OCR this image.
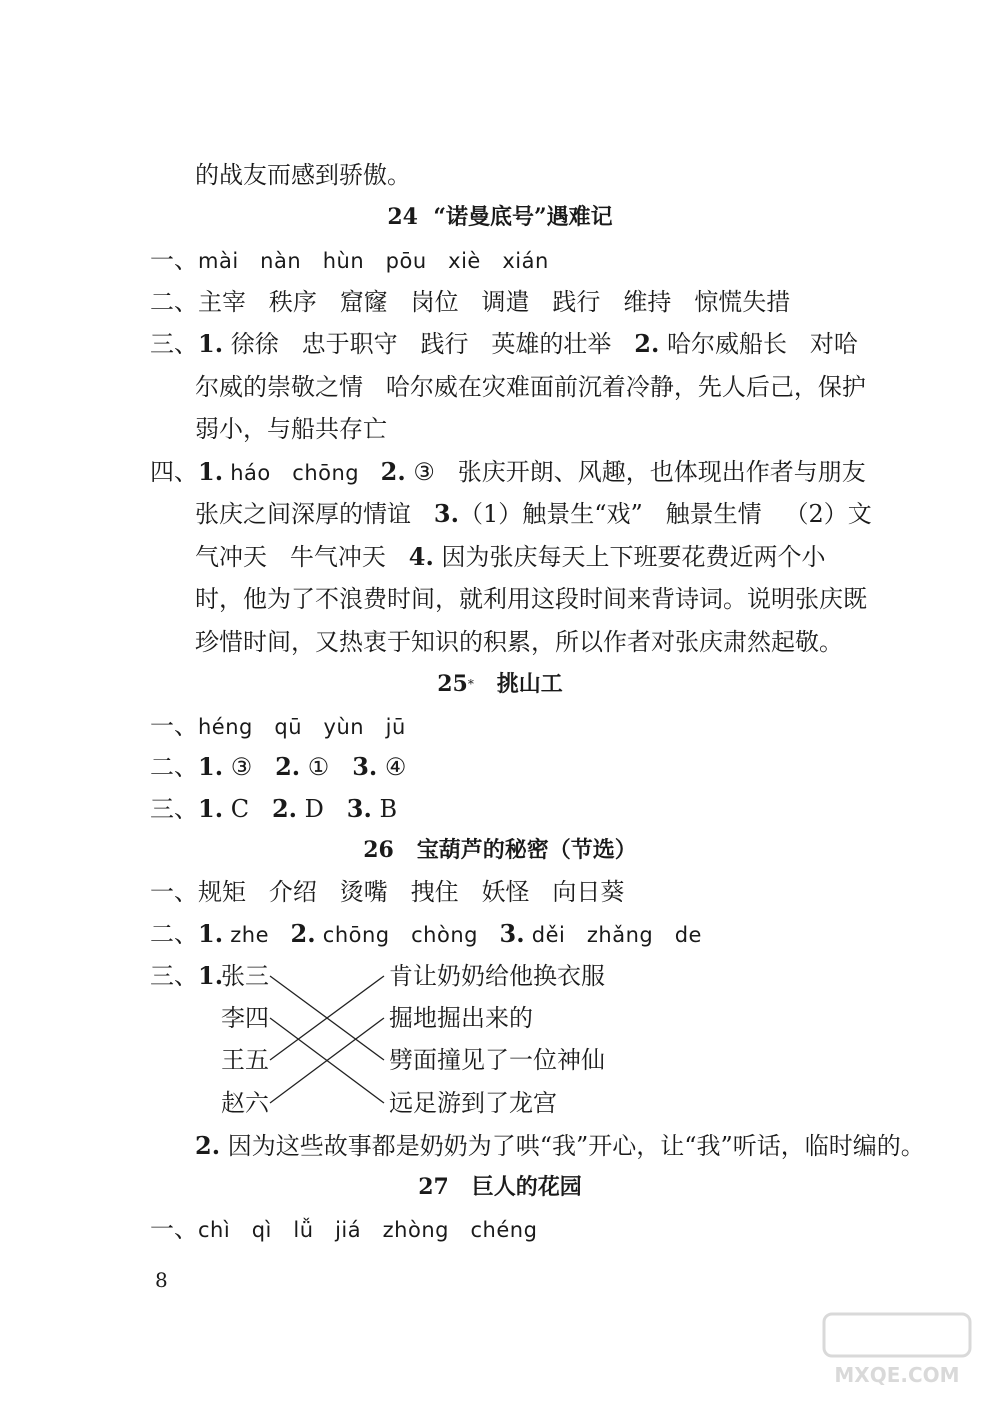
的战友而感到骄傲。
24 “诺曼底号”遇难记
一、mài   nàn   hùn   pōu   xiè   xián
二、主宰   秩序   窟窿   岗位   调遣   践行   维持   惊慌失措
三、1. 徐徐   忠于职守   践行   英雄的壮举   2. 哈尔威船长   对哈
尔威的崇敬之情   哈尔威在灾难面前沉着冷静，先人后己，保护
弱小，与船共存亡
四、1. háo   chōng   2. ③   张庆开朗、风趣，也体现出作者与朋友
张庆之间深厚的情谊   3.（1）触景生“戏”   触景生情   （2）文
气冲天   牛气冲天   4. 因为张庆每天上下班要花费近两个小
时，他为了不浪费时间，就利用这段时间来背诗词。说明张庆既
珍惜时间，又热衷于知识的积累，所以作者对张庆肃然起敬。
25* 挑山工
一、héng   qū   yùn   jū
二、1. ③   2. ①   3. ④
三、1. C   2. D   3. B
26 宝葫芦的秘密（节选）
一、规矩   介绍   烫嘴   拽住   妖怪   向日葵
二、1. zhe   2. chōng   chòng   3. děi   zhǎng   de
三、1.
张三
李四
王五
赵六
肯让奶奶给他换衣服
掘地掘出来的
劈面撞见了一位神仙
远足游到了龙宫
2. 因为这些故事都是奶奶为了哄“我”开心，让“我”听话，临时编的。
27 巨人的花园
一、chì   qì   lǚ   jiá   zhòng   chéng
8
MXQE.COM
